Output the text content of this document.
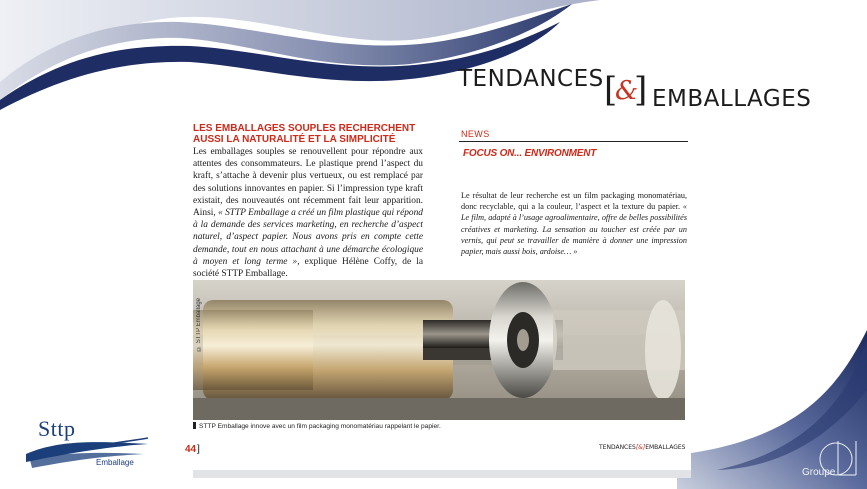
TENDANCES [
&
] EMBALLAGES
LES EMBALLAGES SOUPLES RECHERCHENT AUSSI LA NATURALITÉ ET LA SIMPLICITÉ

Les emballages souples se renouvellent pour répondre aux attentes des consommateurs. Le plastique prend l’aspect du kraft, s’attache à devenir plus vertueux, ou est remplacé par des solutions innovantes en papier. Si l’impression type kraft existait, des nouveautés ont récemment fait leur apparition. Ainsi, « STTP Emballage a créé un film plastique qui répond à la demande des services marketing, en recherche d’aspect naturel, d’aspect papier. Nous avons pris en compte cette demande, tout en nous attachant à une démarche écologique à moyen et long terme », explique Hélène Coffy, de la société STTP Emballage.

NEWS
FOCUS ON... ENVIRONMENT

Le résultat de leur recherche est un film packaging monomatériau, donc recyclable, qui a la couleur, l’aspect et la texture du papier. « Le film, adapté à l’usage agroalimentaire, offre de belles possibilités créatives et marketing. La sensation au toucher est créée par un vernis, qui peut se travailler de manière à donner une impression papier, mais aussi bois, ardoise… »

© STTP Emballage
STTP Emballage innove avec un film packaging monomatériau rappelant le papier.
44]	TENDANCES[&]EMBALLAGES
Sttp
Emballage
Groupe
